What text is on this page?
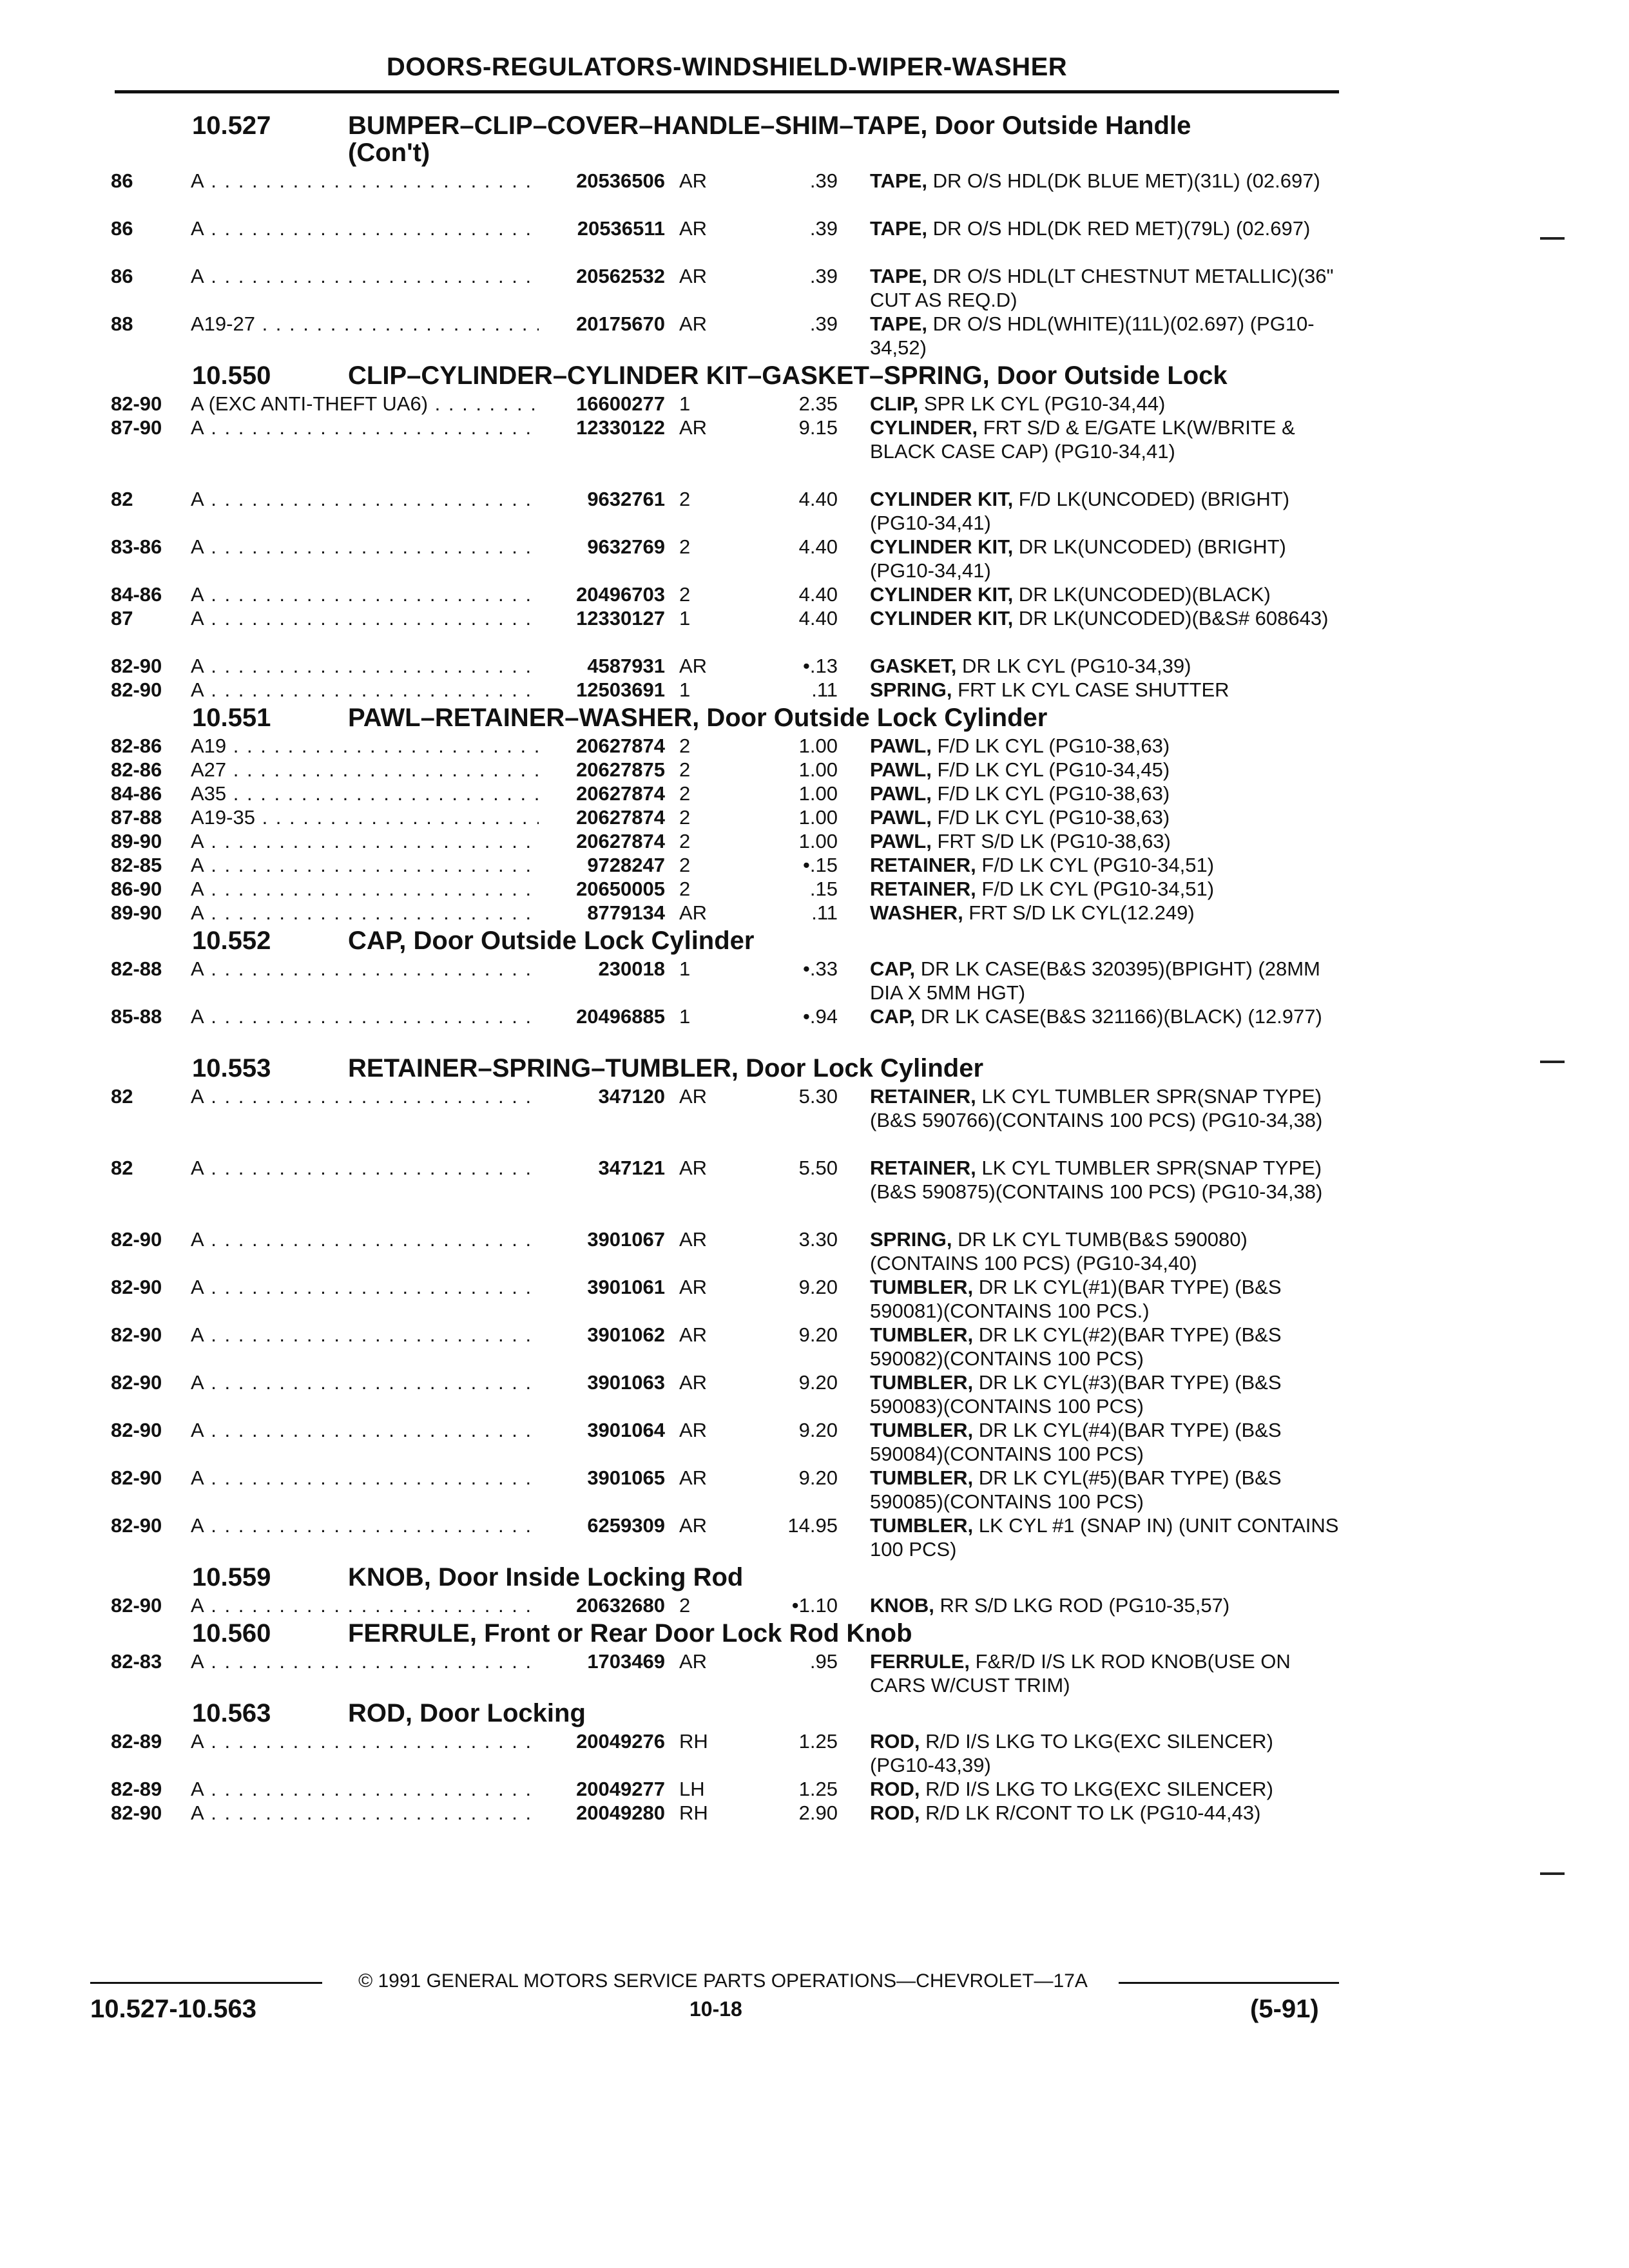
DOORS-REGULATORS-WINDSHIELD-WIPER-WASHER
10.527	BUMPER–CLIP–COVER–HANDLE–SHIM–TAPE, Door Outside Handle
(Con't)
86	A . . .	20536506 AR	.39 TAPE, DR O/S HDL(DK BLUE MET)(31L) (02.697)
86	A . . .	20536511 AR	.39 TAPE, DR O/S HDL(DK RED MET)(79L) (02.697)
86	A . . .	20562532 AR	.39 TAPE, DR O/S HDL(LT CHESTNUT METALLIC)(36" CUT AS REQ.D)
88	A19-27 . . .	20175670 AR	.39 TAPE, DR O/S HDL(WHITE)(11L)(02.697) (PG10-34,52)
10.550	CLIP–CYLINDER–CYLINDER KIT–GASKET–SPRING, Door Outside Lock
82-90 A (EXC ANTI-THEFT UA6) . . .	16600277 1	2.35 CLIP, SPR LK CYL (PG10-34,44)
87-90 A . . .	12330122 AR	9.15 CYLINDER, FRT S/D & E/GATE LK(W/BRITE & BLACK CASE CAP) (PG10-34,41)
82	A . . .	9632761 2	4.40 CYLINDER KIT, F/D LK(UNCODED) (BRIGHT) (PG10-34,41)
83-86 A . . .	9632769 2	4.40 CYLINDER KIT, DR LK(UNCODED) (BRIGHT) (PG10-34,41)
84-86 A . . .	20496703 2	4.40 CYLINDER KIT, DR LK(UNCODED)(BLACK)
87	A . . .	12330127 1	4.40 CYLINDER KIT, DR LK(UNCODED)(B&S# 608643)
82-90 A . . .	4587931 AR	•.13 GASKET, DR LK CYL (PG10-34,39)
82-90 A . . .	12503691 1	.11 SPRING, FRT LK CYL CASE SHUTTER
10.551	PAWL–RETAINER–WASHER, Door Outside Lock Cylinder
82-86 A19 . . .	20627874 2	1.00 PAWL, F/D LK CYL (PG10-38,63)
82-86 A27 . . .	20627875 2	1.00 PAWL, F/D LK CYL (PG10-34,45)
84-86 A35 . . .	20627874 2	1.00 PAWL, F/D LK CYL (PG10-38,63)
87-88 A19-35 . . .	20627874 2	1.00 PAWL, F/D LK CYL (PG10-38,63)
89-90 A . . .	20627874 2	1.00 PAWL, FRT S/D LK (PG10-38,63)
82-85 A . . .	9728247 2	•.15 RETAINER, F/D LK CYL (PG10-34,51)
86-90 A . . .	20650005 2	.15 RETAINER, F/D LK CYL (PG10-34,51)
89-90 A . . .	8779134 AR	.11 WASHER, FRT S/D LK CYL(12.249)
10.552	CAP, Door Outside Lock Cylinder
82-88 A . . .	230018 1	•.33 CAP, DR LK CASE(B&S 320395)(BPIGHT) (28MM DIA X 5MM HGT)
85-88 A . . .	20496885 1	•.94 CAP, DR LK CASE(B&S 321166)(BLACK) (12.977)
10.553	RETAINER–SPRING–TUMBLER, Door Lock Cylinder
82	A . . .	347120 AR	5.30 RETAINER, LK CYL TUMBLER SPR(SNAP TYPE)(B&S 590766)(CONTAINS 100 PCS) (PG10-34,38)
82	A . . .	347121 AR	5.50 RETAINER, LK CYL TUMBLER SPR(SNAP TYPE)(B&S 590875)(CONTAINS 100 PCS) (PG10-34,38)
82-90 A . . .	3901067 AR	3.30 SPRING, DR LK CYL TUMB(B&S 590080) (CONTAINS 100 PCS) (PG10-34,40)
82-90 A . . .	3901061 AR	9.20 TUMBLER, DR LK CYL(#1)(BAR TYPE) (B&S 590081)(CONTAINS 100 PCS.)
82-90 A . . .	3901062 AR	9.20 TUMBLER, DR LK CYL(#2)(BAR TYPE) (B&S 590082)(CONTAINS 100 PCS)
82-90 A . . .	3901063 AR	9.20 TUMBLER, DR LK CYL(#3)(BAR TYPE) (B&S 590083)(CONTAINS 100 PCS)
82-90 A . . .	3901064 AR	9.20 TUMBLER, DR LK CYL(#4)(BAR TYPE) (B&S 590084)(CONTAINS 100 PCS)
82-90 A . . .	3901065 AR	9.20 TUMBLER, DR LK CYL(#5)(BAR TYPE) (B&S 590085)(CONTAINS 100 PCS)
82-90 A . . .	6259309 AR	14.95 TUMBLER, LK CYL #1 (SNAP IN) (UNIT CONTAINS 100 PCS)
10.559	KNOB, Door Inside Locking Rod
82-90 A . . .	20632680 2	•1.10 KNOB, RR S/D LKG ROD (PG10-35,57)
10.560	FERRULE, Front or Rear Door Lock Rod Knob
82-83 A . . .	1703469 AR	.95 FERRULE, F&R/D I/S LK ROD KNOB(USE ON CARS W/CUST TRIM)
10.563	ROD, Door Locking
82-89 A . . .	20049276 RH	1.25 ROD, R/D I/S LKG TO LKG(EXC SILENCER) (PG10-43,39)
82-89 A . . .	20049277 LH	1.25 ROD, R/D I/S LKG TO LKG(EXC SILENCER)
82-90 A . . .	20049280 RH	2.90 ROD, R/D LK R/CONT TO LK (PG10-44,43)
© 1991 GENERAL MOTORS SERVICE PARTS OPERATIONS—CHEVROLET—17A
10.527-10.563	10-18	(5-91)
